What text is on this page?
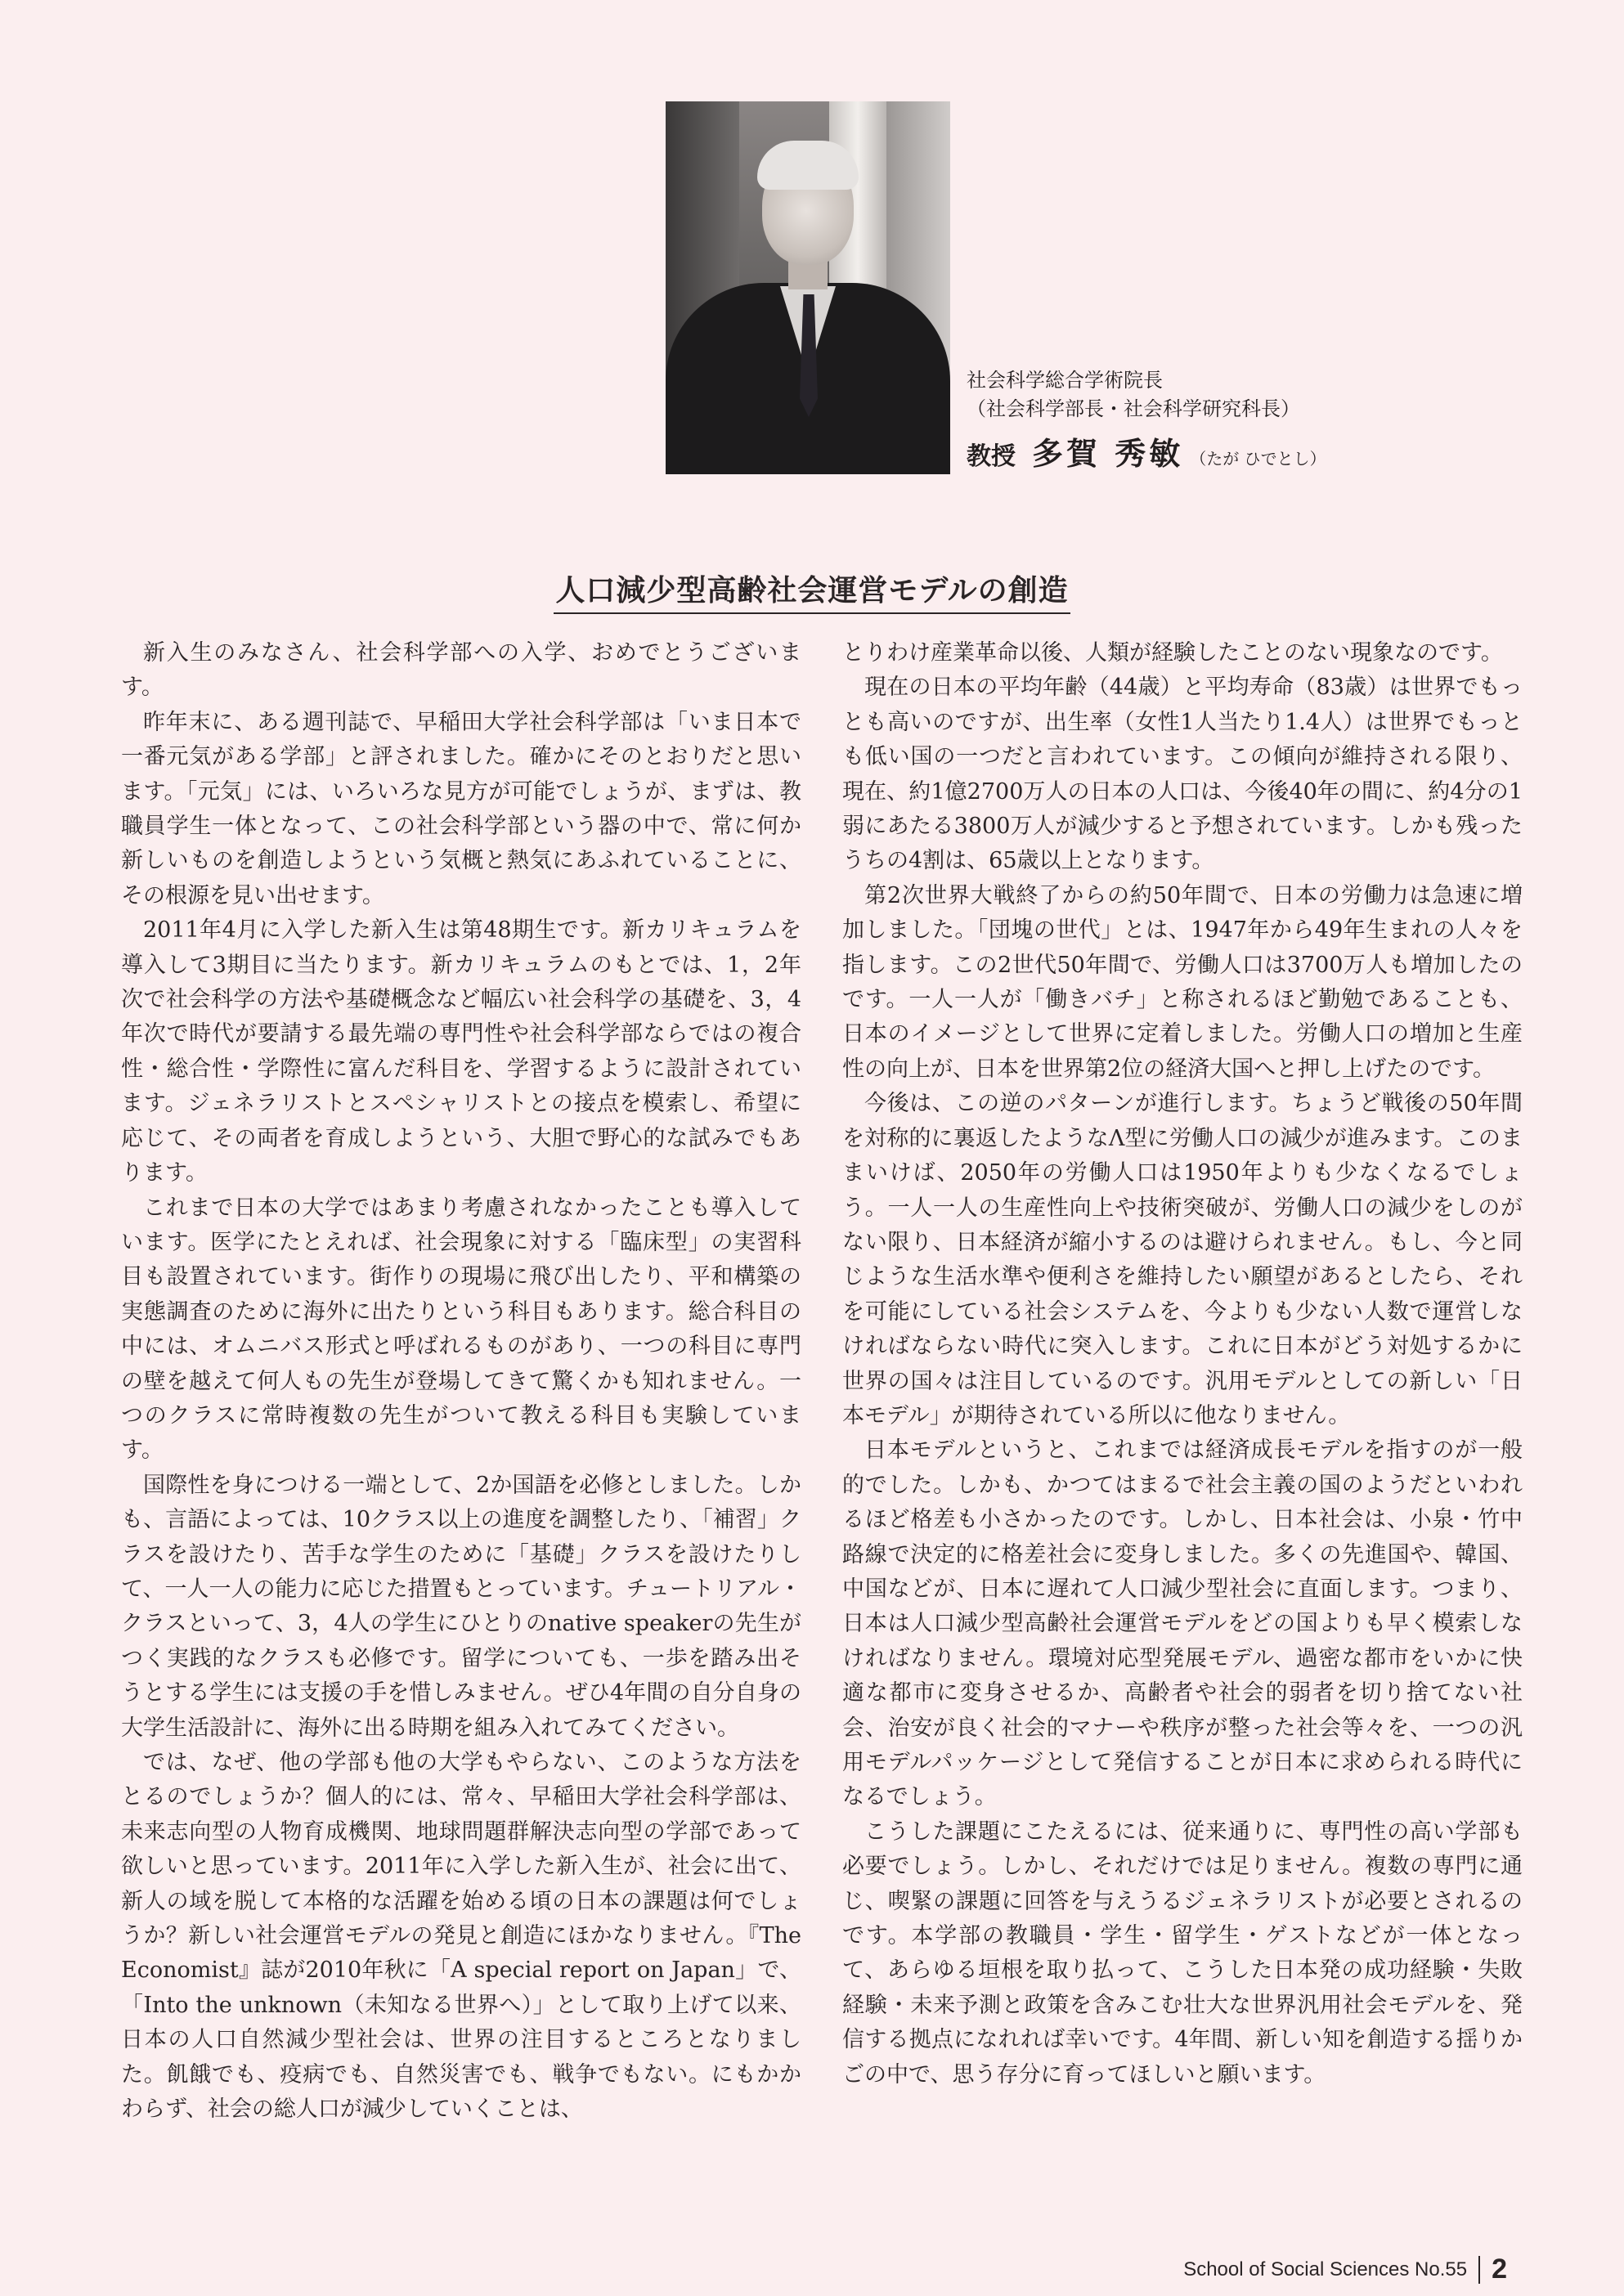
社会科学総合学術院長
（社会科学部長・社会科学研究科長）
教授 多賀 秀敏 （たが ひでとし）
人口減少型高齢社会運営モデルの創造

新入生のみなさん、社会科学部への入学、おめでとうございます。

昨年末に、ある週刊誌で、早稲田大学社会科学部は「いま日本で一番元気がある学部」と評されました。確かにそのとおりだと思います。「元気」には、いろいろな見方が可能でしょうが、まずは、教職員学生一体となって、この社会科学部という器の中で、常に何か新しいものを創造しようという気概と熱気にあふれていることに、その根源を見い出せます。

2011年4月に入学した新入生は第48期生です。新カリキュラムを導入して3期目に当たります。新カリキュラムのもとでは、1，2年次で社会科学の方法や基礎概念など幅広い社会科学の基礎を、3，4年次で時代が要請する最先端の専門性や社会科学部ならではの複合性・総合性・学際性に富んだ科目を、学習するように設計されています。ジェネラリストとスペシャリストとの接点を模索し、希望に応じて、その両者を育成しようという、大胆で野心的な試みでもあります。

これまで日本の大学ではあまり考慮されなかったことも導入しています。医学にたとえれば、社会現象に対する「臨床型」の実習科目も設置されています。街作りの現場に飛び出したり、平和構築の実態調査のために海外に出たりという科目もあります。総合科目の中には、オムニバス形式と呼ばれるものがあり、一つの科目に専門の壁を越えて何人もの先生が登場してきて驚くかも知れません。一つのクラスに常時複数の先生がついて教える科目も実験しています。

国際性を身につける一端として、2か国語を必修としました。しかも、言語によっては、10クラス以上の進度を調整したり、「補習」クラスを設けたり、苦手な学生のために「基礎」クラスを設けたりして、一人一人の能力に応じた措置もとっています。チュートリアル・クラスといって、3，4人の学生にひとりのnative speakerの先生がつく実践的なクラスも必修です。留学についても、一歩を踏み出そうとする学生には支援の手を惜しみません。ぜひ4年間の自分自身の大学生活設計に、海外に出る時期を組み入れてみてください。

では、なぜ、他の学部も他の大学もやらない、このような方法をとるのでしょうか？個人的には、常々、早稲田大学社会科学部は、未来志向型の人物育成機関、地球問題群解決志向型の学部であって欲しいと思っています。2011年に入学した新入生が、社会に出て、新人の域を脱して本格的な活躍を始める頃の日本の課題は何でしょうか？新しい社会運営モデルの発見と創造にほかなりません。『The Economist』誌が2010年秋に「A special report on Japan」で、「Into the unknown（未知なる世界へ）」として取り上げて以来、日本の人口自然減少型社会は、世界の注目するところとなりました。飢餓でも、疫病でも、自然災害でも、戦争でもない。にもかかわらず、社会の総人口が減少していくことは、

とりわけ産業革命以後、人類が経験したことのない現象なのです。

現在の日本の平均年齢（44歳）と平均寿命（83歳）は世界でもっとも高いのですが、出生率（女性1人当たり1.4人）は世界でもっとも低い国の一つだと言われています。この傾向が維持される限り、現在、約1億2700万人の日本の人口は、今後40年の間に、約4分の1弱にあたる3800万人が減少すると予想されています。しかも残ったうちの4割は、65歳以上となります。

第2次世界大戦終了からの約50年間で、日本の労働力は急速に増加しました。「団塊の世代」とは、1947年から49年生まれの人々を指します。この2世代50年間で、労働人口は3700万人も増加したのです。一人一人が「働きバチ」と称されるほど勤勉であることも、日本のイメージとして世界に定着しました。労働人口の増加と生産性の向上が、日本を世界第2位の経済大国へと押し上げたのです。

今後は、この逆のパターンが進行します。ちょうど戦後の50年間を対称的に裏返したようなΛ型に労働人口の減少が進みます。このままいけば、2050年の労働人口は1950年よりも少なくなるでしょう。一人一人の生産性向上や技術突破が、労働人口の減少をしのがない限り、日本経済が縮小するのは避けられません。もし、今と同じような生活水準や便利さを維持したい願望があるとしたら、それを可能にしている社会システムを、今よりも少ない人数で運営しなければならない時代に突入します。これに日本がどう対処するかに世界の国々は注目しているのです。汎用モデルとしての新しい「日本モデル」が期待されている所以に他なりません。

日本モデルというと、これまでは経済成長モデルを指すのが一般的でした。しかも、かつてはまるで社会主義の国のようだといわれるほど格差も小さかったのです。しかし、日本社会は、小泉・竹中路線で決定的に格差社会に変身しました。多くの先進国や、韓国、中国などが、日本に遅れて人口減少型社会に直面します。つまり、日本は人口減少型高齢社会運営モデルをどの国よりも早く模索しなければなりません。環境対応型発展モデル、過密な都市をいかに快適な都市に変身させるか、高齢者や社会的弱者を切り捨てない社会、治安が良く社会的マナーや秩序が整った社会等々を、一つの汎用モデルパッケージとして発信することが日本に求められる時代になるでしょう。

こうした課題にこたえるには、従来通りに、専門性の高い学部も必要でしょう。しかし、それだけでは足りません。複数の専門に通じ、喫緊の課題に回答を与えうるジェネラリストが必要とされるのです。本学部の教職員・学生・留学生・ゲストなどが一体となって、あらゆる垣根を取り払って、こうした日本発の成功経験・失敗経験・未来予測と政策を含みこむ壮大な世界汎用社会モデルを、発信する拠点になれれば幸いです。4年間、新しい知を創造する揺りかごの中で、思う存分に育ってほしいと願います。

School of Social Sciences No.55 2
